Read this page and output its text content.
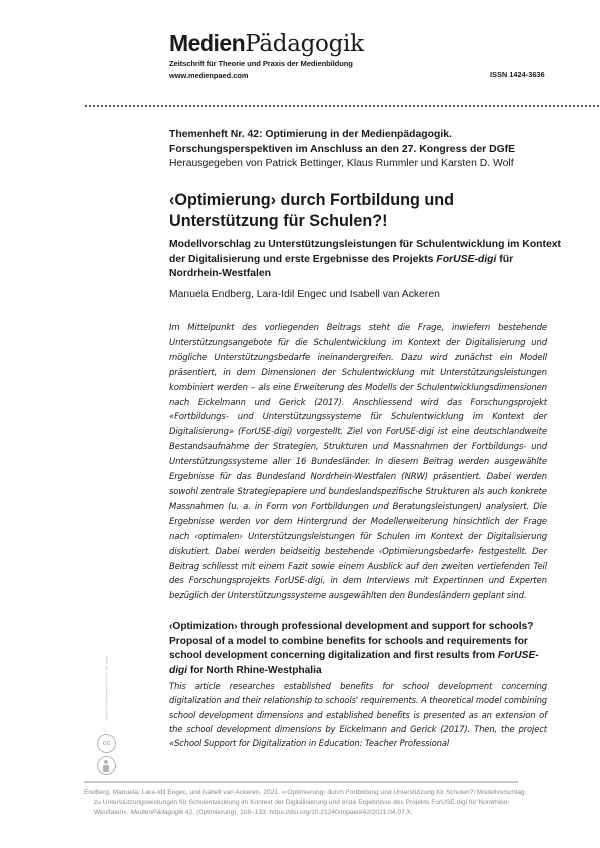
MedienPädagogik
Zeitschrift für Theorie und Praxis der Medienbildung
www.medienpaed.com	ISSN 1424-3636
Themenheft Nr. 42: Optimierung in der Medienpädagogik.
Forschungsperspektiven im Anschluss an den 27. Kongress der DGfE
Herausgegeben von Patrick Bettinger, Klaus Rummler und Karsten D. Wolf
‹Optimierung› durch Fortbildung und
Unterstützung für Schulen?!
Modellvorschlag zu Unterstützungsleistungen für Schulentwicklung im Kontext der Digitalisierung und erste Ergebnisse des Projekts ForUSE-digi für Nordrhein-Westfalen
Manuela Endberg, Lara-Idil Engec und Isabell van Ackeren
Im Mittelpunkt des vorliegenden Beitrags steht die Frage, inwiefern bestehende Unterstützungsangebote für die Schulentwicklung im Kontext der Digitalisierung und mögliche Unterstützungsbedarfe ineinandergreifen. Dazu wird zunächst ein Modell präsentiert, in dem Dimensionen der Schulentwicklung mit Unterstützungsleistungen kombiniert werden – als eine Erweiterung des Modells der Schulentwicklungsdimensionen nach Eickelmann und Gerick (2017). Anschliessend wird das Forschungsprojekt «Fortbildungs- und Unterstützungssysteme für Schulentwicklung im Kontext der Digitalisierung» (ForUSE-digi) vorgestellt. Ziel von ForUSE-digi ist eine deutschlandweite Bestandsaufnahme der Strategien, Strukturen und Massnahmen der Fortbildungs- und Unterstützungssysteme aller 16 Bundesländer. In diesem Beitrag werden ausgewählte Ergebnisse für das Bundesland Nordrhein-Westfalen (NRW) präsentiert. Dabei werden sowohl zentrale Strategiepapiere und bundeslandspezifische Strukturen als auch konkrete Massnahmen (u. a. in Form von Fortbildungen und Beratungsleistungen) analysiert. Die Ergebnisse werden vor dem Hintergrund der Modellerweiterung hinsichtlich der Frage nach ‹optimalen› Unterstützungsleistungen für Schulen im Kontext der Digitalisierung diskutiert. Dabei werden beidseitig bestehende ‹Optimierungsbedarfe› festgestellt. Der Beitrag schliesst mit einem Fazit sowie einem Ausblick auf den zweiten vertiefenden Teil des Forschungsprojekts ForUSE-digi, in dem Interviews mit Expertinnen und Experten bezüglich der Unterstützungssysteme ausgewählten den Bundesländern geplant sind.
‹Optimization› through professional development and support for schools? Proposal of a model to combine benefits for schools and requirements for school development concerning digitalization and first results from ForUSE-digi for North Rhine-Westphalia
This article researches established benefits for school development concerning digitalization and their relationship to schools' requirements. A theoretical model combining school development dimensions and established benefits is presented as an extension of the school development dimensions by Eickelmann and Gerick (2017). Then, the project «School Support for Digitalization in Education: Teacher Professional
Creative Commons Namensnennung 4.0 International
cc
Endberg, Manuela, Lara-Idil Engec, und Isabell van Ackeren. 2021. «‹Optimierung› durch Fortbildung und Unterstützung für Schulen?! Modellvorschlag zu Unterstützungsleistungen für Schulentwicklung im Kontext der Digitalisierung und erste Ergebnisse des Projekts ForUSE-digi für Nordrhein-Westfalen». MedienPädagogik 42, (Optimierung), 108–133. https://doi.org/10.21240/mpaed/42/2021.04.07.X.
